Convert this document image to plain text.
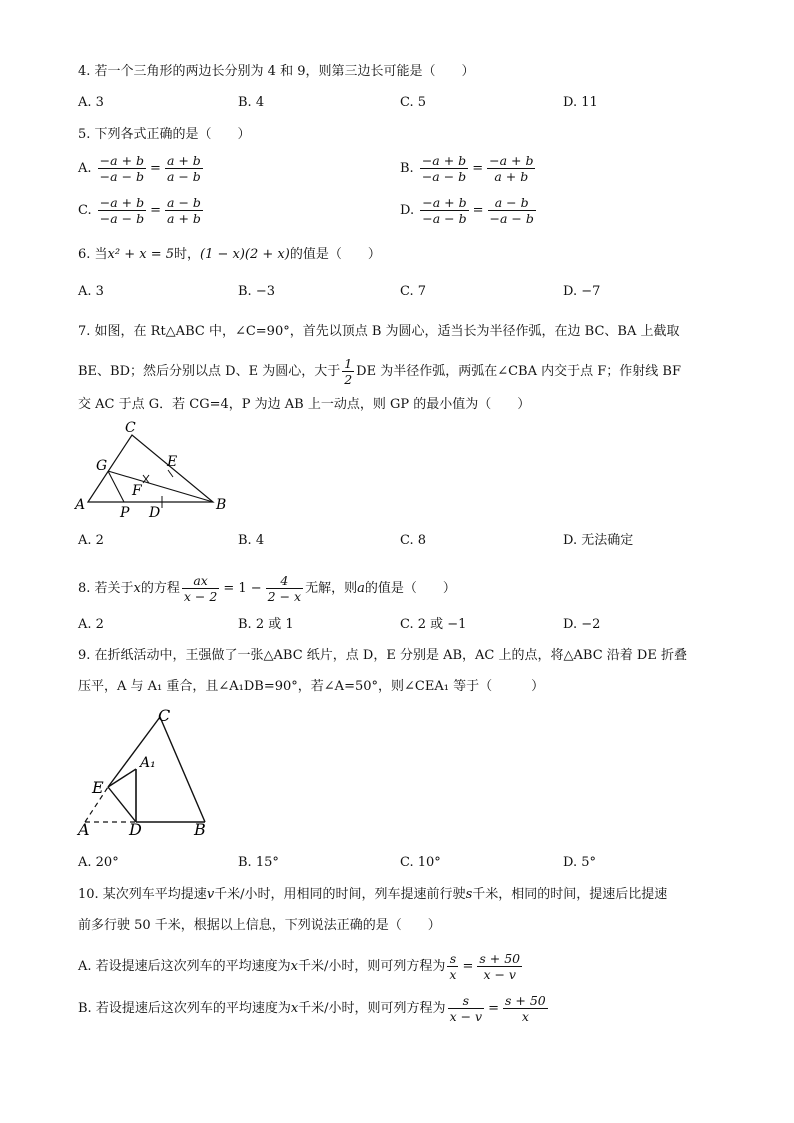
4. 若一个三角形的两边长分别为 4 和 9，则第三边长可能是（　　）
A. 3	B. 4	C. 5	D. 11
5. 下列各式正确的是（　　）
A. $\frac{-a + b}{-a - b} = \frac{a + b}{a - b}$	B. $\frac{-a + b}{-a - b} = \frac{-a + b}{a + b}$
C. $\frac{-a + b}{-a - b} = \frac{a - b}{a + b}$	D. $\frac{-a + b}{-a - b} = \frac{a - b}{-a - b}$
6. 当x² + x = 5时，(1 − x)(2 + x)的值是（　　）
A. 3	B. −3	C. 7	D. −7
7. 如图，在 Rt△ABC 中，∠C=90°，首先以顶点 B 为圆心，适当长为半径作弧，在边 BC、BA 上截取
BE、BD；然后分别以点 D、E 为圆心，大于 $\frac{1}{2}$ DE 为半径作弧，两弧在∠CBA 内交于点 F；作射线 BF
交 AC 于点 G．若 CG=4，P 为边 AB 上一动点，则 GP 的最小值为（　　）
C
G	E
F
A P D	B
A. 2	B. 4	C. 8	D. 无法确定
8. 若关于x的方程 $\frac{ax}{x - 2} = 1 - \frac{4}{2 - x}$ 无解，则a的值是（　　）
A. 2	B. 2 或 1	C. 2 或 −1	D. −2
9. 在折纸活动中，王强做了一张△ABC 纸片，点 D，E 分别是 AB，AC 上的点，将△ABC 沿着 DE 折叠
压平，A 与 A₁ 重合，且∠A₁DB=90°，若∠A=50°，则∠CEA₁ 等于（　　　）
C
A₁
E
A D	B
A. 20°	B. 15°	C. 10°	D. 5°
10. 某次列车平均提速v千米/小时，用相同的时间，列车提速前行驶s千米，相同的时间，提速后比提速
前多行驶 50 千米，根据以上信息，下列说法正确的是（　　）
A. 若设提速后这次列车的平均速度为x千米/小时，则可列方程为 $\frac{s}{x} = \frac{s + 50}{x - v}$
B. 若设提速后这次列车的平均速度为x千米/小时，则可列方程为 $\frac{s}{x - v} = \frac{s + 50}{x}$
